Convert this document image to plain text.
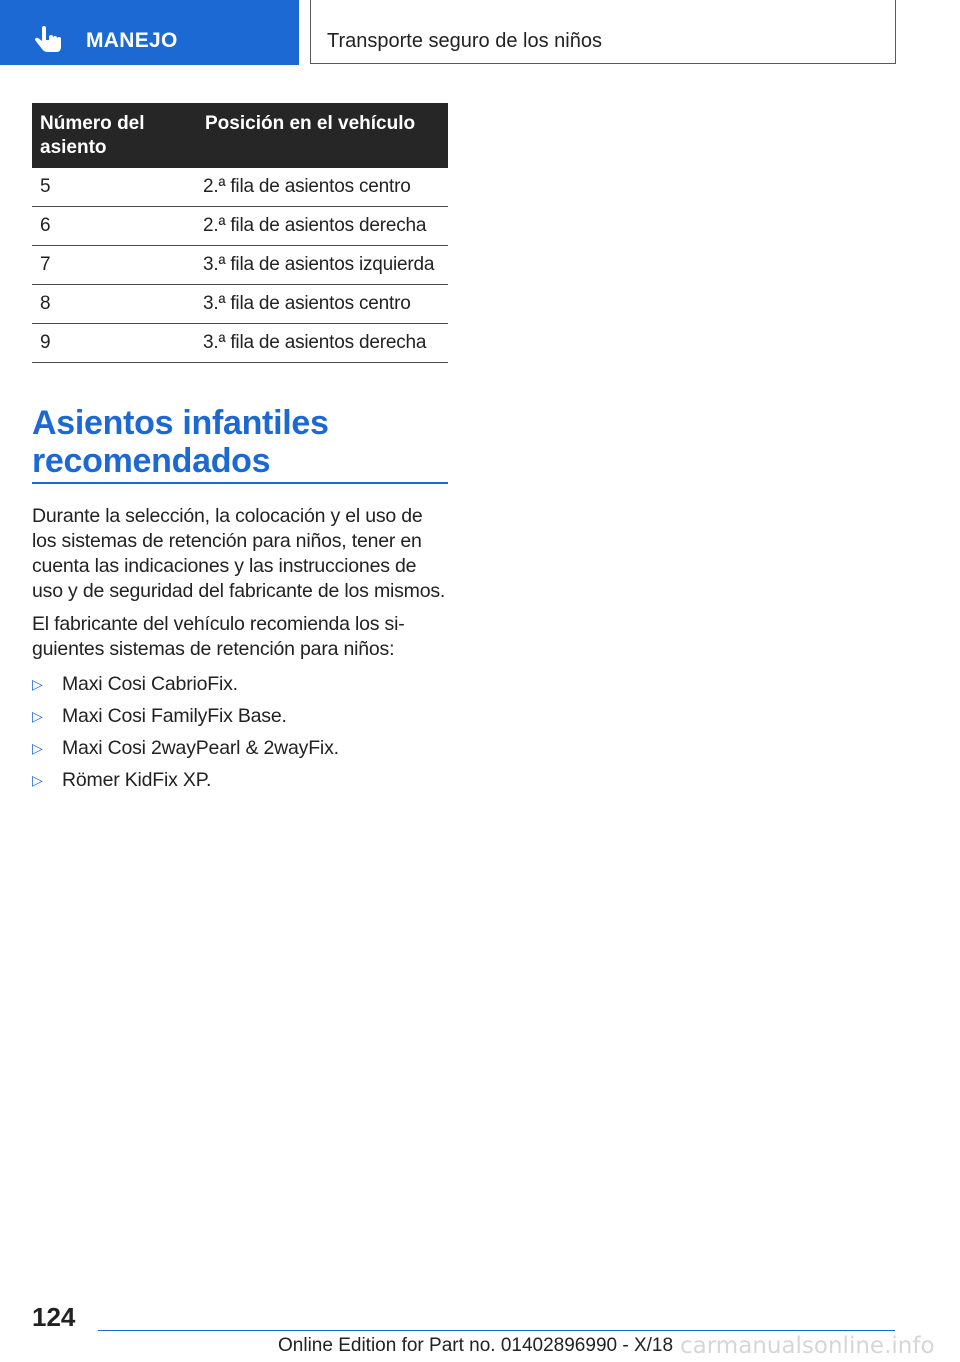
MANEJO	Transporte seguro de los niños
Número del asiento	Posición en el vehículo
5	2.ª fila de asientos centro
6	2.ª fila de asientos derecha
7	3.ª fila de asientos izquierda
8	3.ª fila de asientos centro
9	3.ª fila de asientos derecha
Asientos infantiles recomendados

Durante la selección, la colocación y el uso de los sistemas de retención para niños, tener en cuenta las indicaciones y las instrucciones de uso y de seguridad del fabricante de los mismos.

El fabricante del vehículo recomienda los si‐ guientes sistemas de retención para niños:

▷ Maxi Cosi CabrioFix.
▷ Maxi Cosi FamilyFix Base.
▷ Maxi Cosi 2wayPearl & 2wayFix.
▷ Römer KidFix XP.
124
Online Edition for Part no. 01402896990 - X/18 carmanualsonline.info
